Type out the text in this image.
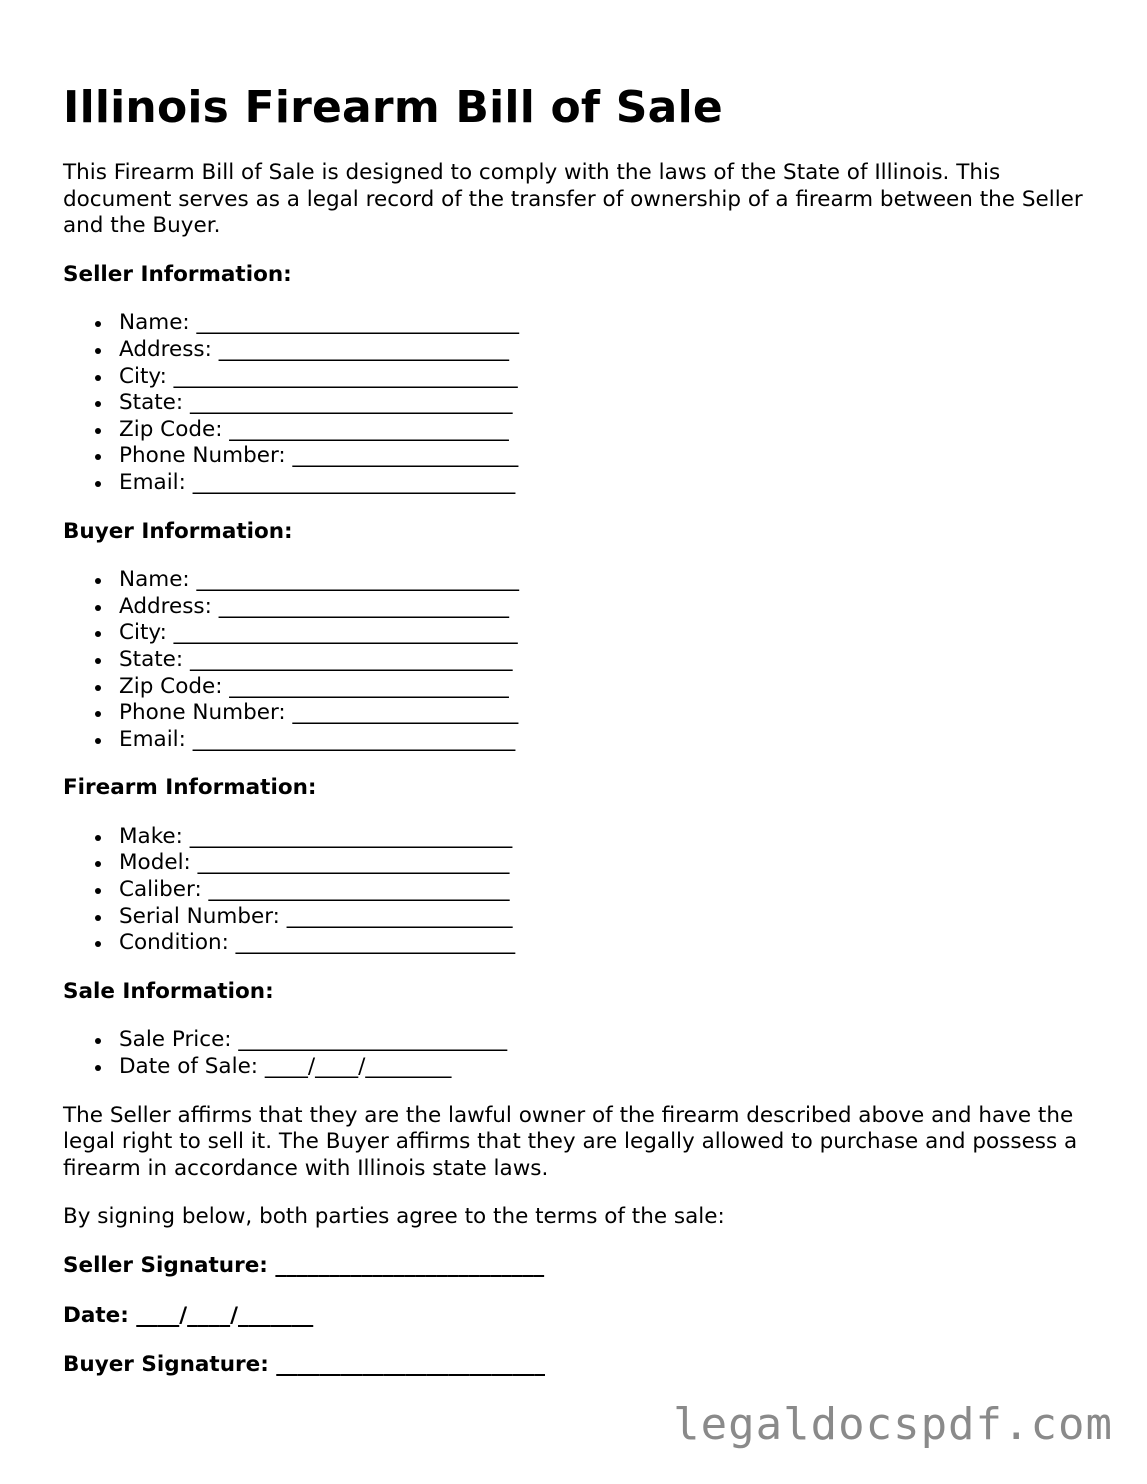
Illinois Firearm Bill of Sale

This Firearm Bill of Sale is designed to comply with the laws of the State of Illinois. This document serves as a legal record of the transfer of ownership of a firearm between the Seller and the Buyer.

Seller Information:
Name: ______________________________
Address: ___________________________
City: ________________________________
State: ______________________________
Zip Code: __________________________
Phone Number: _____________________
Email: ______________________________
Buyer Information:
Name: ______________________________
Address: ___________________________
City: ________________________________
State: ______________________________
Zip Code: __________________________
Phone Number: _____________________
Email: ______________________________
Firearm Information:
Make: ______________________________
Model: _____________________________
Caliber: ____________________________
Serial Number: _____________________
Condition: __________________________
Sale Information:
Sale Price: _________________________
Date of Sale: ____/____/________

The Seller affirms that they are the lawful owner of the firearm described above and have the legal right to sell it. The Buyer affirms that they are legally allowed to purchase and possess a firearm in accordance with Illinois state laws.

By signing below, both parties agree to the terms of the sale:

Seller Signature: _________________________
Date: ____/____/_______
Buyer Signature: _________________________
legaldocspdf.com
